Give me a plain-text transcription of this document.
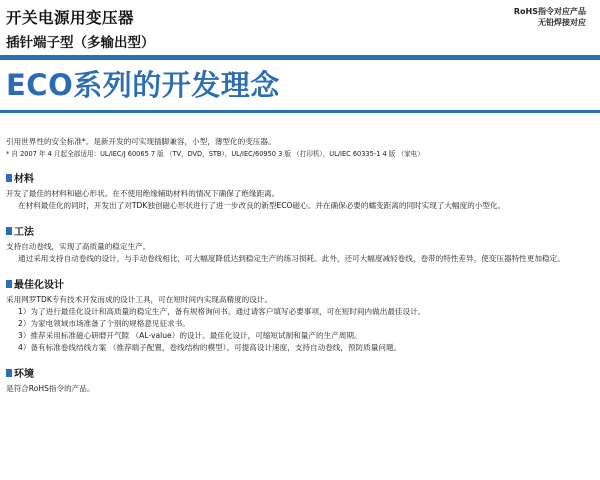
开关电源用变压器
插针端子型（多输出型）
RoHS指令对应产品
无铅焊接对应
ECO系列的开发理念
引用世界性的安全标准*。是新开发的可实现插脚兼容，小型，薄型化的变压器。
* 自 2007 年 4 月起全部适用：UL/IEC/J 60065 7 版 （TV，DVD，STB），UL/IEC/60950 3 版 （打印机），UL/IEC 60335-1 4 版 （家电）
材料
开发了最佳的材料和磁心形状。在不使用绝缘辅助材料的情况下确保了绝缘距离。
在材料最佳化的同时，开发出了对TDK独创磁心形状进行了进一步改良的新型ECO磁心。并在确保必要的蠕变距离的同时实现了大幅度的小型化。
工法
支持自动卷线，实现了高质量的稳定生产。
通过采用支持自动卷线的设计，与手动卷线相比，可大幅度降低达到稳定生产的练习损耗。此外，还可大幅度减轻卷线，卷带的特性差异，使变压器特性更加稳定。
最佳化设计
采用网罗TDK专有技术开发而成的设计工具，可在短时间内实现高精度的设计。
1）为了进行最佳化设计和高质量的稳定生产，备有规格询问书。通过请客户填写必要事项，可在短时间内做出最佳设计。
2）为家电领域市场准备了个别的规格意见征求书。
3）推荐采用标准磁心研磨开气隙 （AL-value）的设计。最佳化设计，可缩短试制和量产的生产周期。
4）备有标准卷线结线方案 （推荐端子配置，卷线结构的模型）。可提高设计速度，支持自动卷线，预防质量问题。
环境
是符合RoHS指令的产品。
